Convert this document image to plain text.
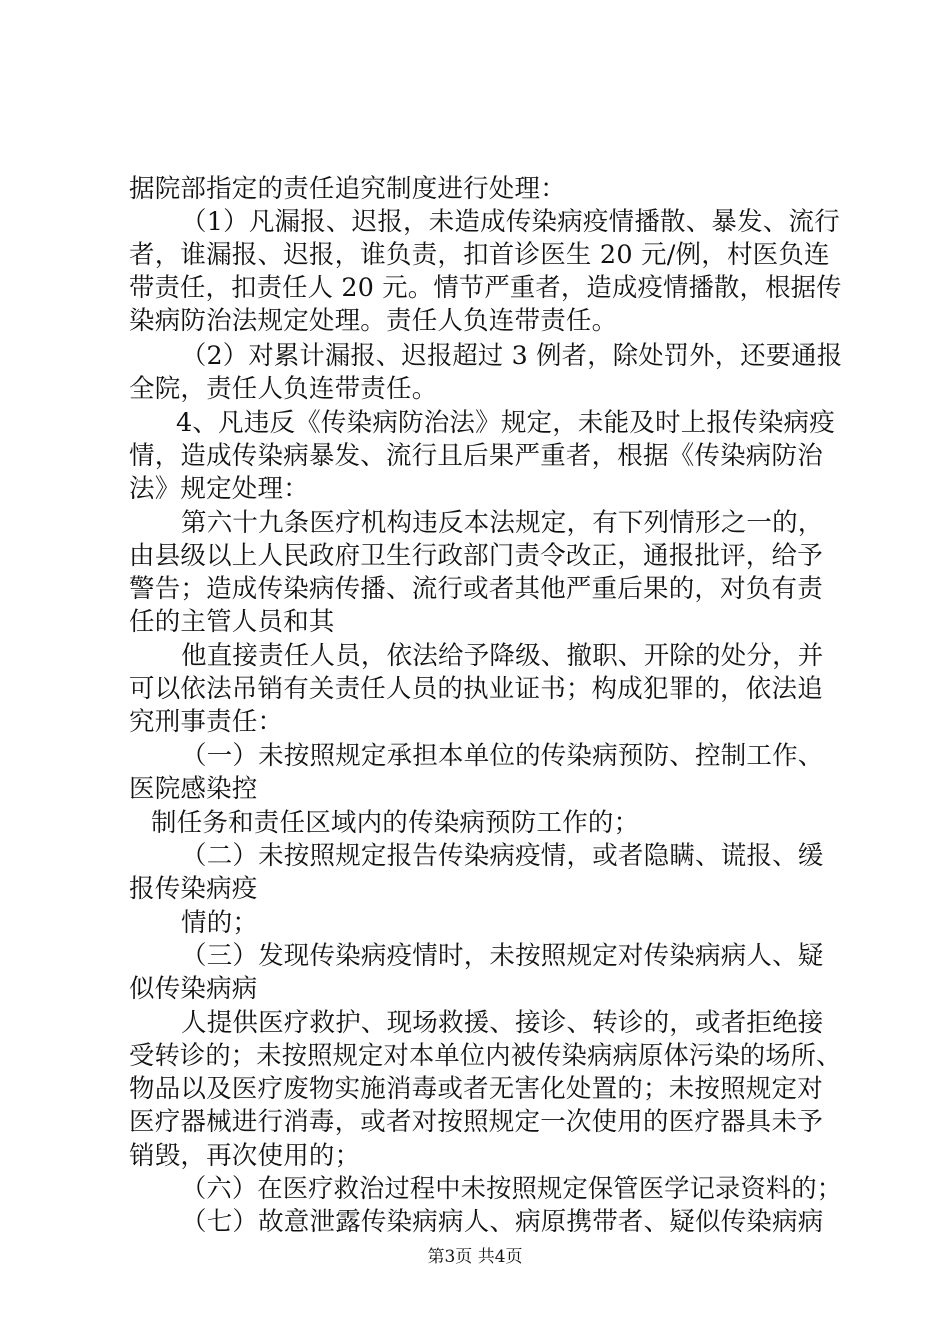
据院部指定的责任追究制度进行处理：
（1）凡漏报、迟报，未造成传染病疫情播散、暴发、流行
者，谁漏报、迟报，谁负责，扣首诊医生 20 元/例，村医负连
带责任，扣责任人 20 元。情节严重者，造成疫情播散，根据传
染病防治法规定处理。责任人负连带责任。
（2）对累计漏报、迟报超过 3 例者，除处罚外，还要通报
全院，责任人负连带责任。
4、凡违反《传染病防治法》规定，未能及时上报传染病疫
情，造成传染病暴发、流行且后果严重者，根据《传染病防治
法》规定处理：
第六十九条医疗机构违反本法规定，有下列情形之一的，
由县级以上人民政府卫生行政部门责令改正，通报批评，给予
警告；造成传染病传播、流行或者其他严重后果的，对负有责
任的主管人员和其
他直接责任人员，依法给予降级、撤职、开除的处分，并
可以依法吊销有关责任人员的执业证书；构成犯罪的，依法追
究刑事责任：
（一）未按照规定承担本单位的传染病预防、控制工作、
医院感染控
制任务和责任区域内的传染病预防工作的；
（二）未按照规定报告传染病疫情，或者隐瞒、谎报、缓
报传染病疫
情的；
（三）发现传染病疫情时，未按照规定对传染病病人、疑
似传染病病
人提供医疗救护、现场救援、接诊、转诊的，或者拒绝接
受转诊的；未按照规定对本单位内被传染病病原体污染的场所、
物品以及医疗废物实施消毒或者无害化处置的；未按照规定对
医疗器械进行消毒，或者对按照规定一次使用的医疗器具未予
销毁，再次使用的；
（六）在医疗救治过程中未按照规定保管医学记录资料的；
（七）故意泄露传染病病人、病原携带者、疑似传染病病
第3页 共4页
